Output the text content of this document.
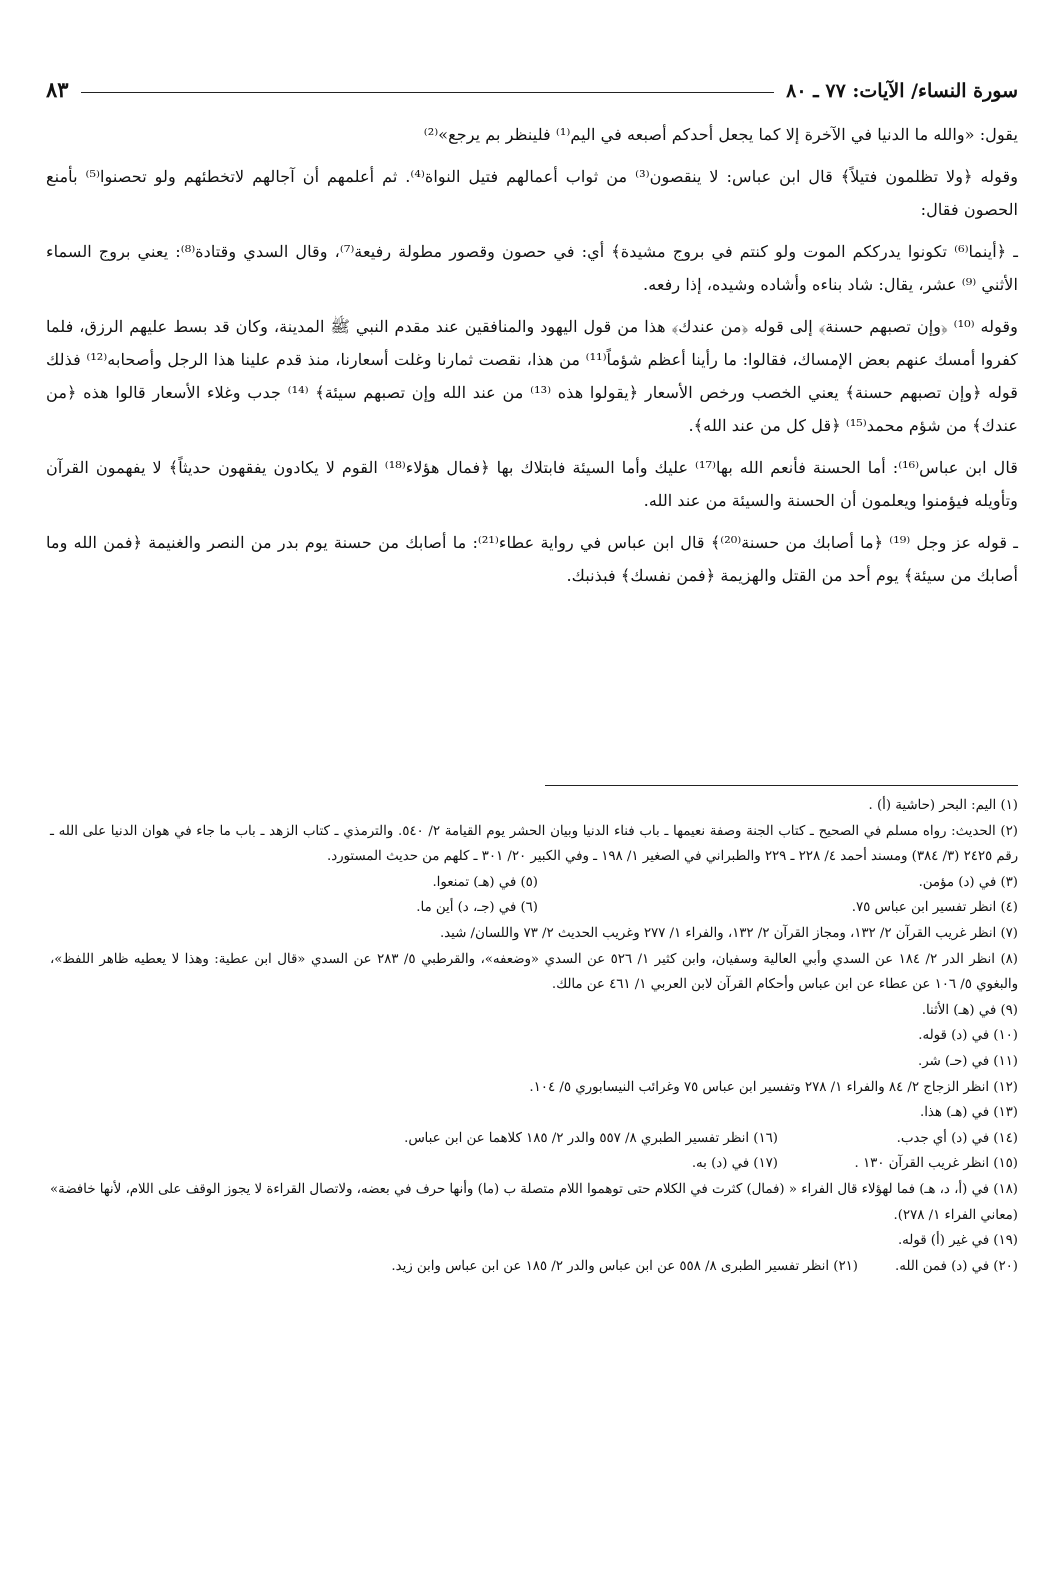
سورة النساء/ الآيات: ٧٧ ـ ٨٠
٨٣

يقول: «والله ما الدنيا في الآخرة إلا كما يجعل أحدكم أصبعه في اليم⁽¹⁾ فلينظر بم يرجع»⁽²⁾

وقوله ﴿ولا تظلمون فتيلاً﴾ قال ابن عباس: لا ينقصون⁽³⁾ من ثواب أعمالهم فتيل النواة⁽⁴⁾. ثم أعلمهم أن آجالهم لاتخطئهم ولو تحصنوا⁽⁵⁾ بأمنع الحصون فقال:

ـ ﴿أينما⁽⁶⁾ تكونوا يدرككم الموت ولو كنتم في بروج مشيدة﴾ أي: في حصون وقصور مطولة رفيعة⁽⁷⁾، وقال السدي وقتادة⁽⁸⁾: يعني بروج السماء الأثني ⁽⁹⁾ عشر، يقال: شاد بناءه وأشاده وشيده، إذا رفعه.

وقوله ⁽¹⁰⁾ ﴿وإن تصبهم حسنة﴾ إلى قوله ﴿من عندك﴾ هذا من قول اليهود والمنافقين عند مقدم النبي ﷺ المدينة، وكان قد بسط عليهم الرزق، فلما كفروا أمسك عنهم بعض الإمساك، فقالوا: ما رأينا أعظم شؤماً⁽¹¹⁾ من هذا، نقصت ثمارنا وغلت أسعارنا، منذ قدم علينا هذا الرجل وأصحابه⁽¹²⁾ فذلك قوله ﴿وإن تصبهم حسنة﴾ يعني الخصب ورخص الأسعار ﴿يقولوا هذه ⁽¹³⁾ من عند الله وإن تصبهم سيئة﴾ ⁽¹⁴⁾ جدب وغلاء الأسعار قالوا هذه ﴿من عندك﴾ من شؤم محمد⁽¹⁵⁾ ﴿قل كل من عند الله﴾.

قال ابن عباس⁽¹⁶⁾: أما الحسنة فأنعم الله بها⁽¹⁷⁾ عليك وأما السيئة فابتلاك بها ﴿فمال هؤلاء⁽¹⁸⁾ القوم لا يكادون يفقهون حديثاً﴾ لا يفهمون القرآن وتأويله فيؤمنوا ويعلمون أن الحسنة والسيئة من عند الله.

ـ قوله عز وجل ⁽¹⁹⁾ ﴿ما أصابك من حسنة⁽²⁰⁾﴾ قال ابن عباس في رواية عطاء⁽²¹⁾: ما أصابك من حسنة يوم بدر من النصر والغنيمة ﴿فمن الله وما أصابك من سيئة﴾ يوم أحد من القتل والهزيمة ﴿فمن نفسك﴾ فبذنبك.

(١) اليم: البحر (حاشية (أ) .

(٢) الحديث: رواه مسلم في الصحيح ـ كتاب الجنة وصفة نعيمها ـ باب فناء الدنيا وبيان الحشر يوم القيامة ٢/ ٥٤٠. والترمذي ـ كتاب الزهد ـ باب ما جاء في هوان الدنيا على الله ـ رقم ٢٤٢٥ (٣/ ٣٨٤) ومسند أحمد ٤/ ٢٢٨ ـ ٢٢٩ والطبراني في الصغير ١/ ١٩٨ ـ وفي الكبير ٢٠/ ٣٠١ ـ كلهم من حديث المستورد.

(٣) في (د) مؤمن.
(٥) في (هـ) تمنعوا.
(٤) انظر تفسير ابن عباس ٧٥.
(٦) في (جـ، د) أين ما.

(٧) انظر غريب القرآن ٢/ ١٣٢، ومجاز القرآن ٢/ ١٣٢، والفراء ١/ ٢٧٧ وغريب الحديث ٢/ ٧٣ واللسان/ شيد.

(٨) انظر الدر ٢/ ١٨٤ عن السدي وأبي العالية وسفيان، وابن كثير ١/ ٥٢٦ عن السدي «وضعفه»، والقرطبي ٥/ ٢٨٣ عن السدي «قال ابن عطية: وهذا لا يعطيه ظاهر اللفظ»، والبغوي ٥/ ١٠٦ عن عطاء عن ابن عباس وأحكام القرآن لابن العربي ١/ ٤٦١ عن مالك.

(٩) في (هـ) الأثنا.

(١٠) في (د) قوله.

(١١) في (حـ) شر.

(١٢) انظر الزجاج ٢/ ٨٤ والفراء ١/ ٢٧٨ وتفسير ابن عباس ٧٥ وغرائب النيسابوري ٥/ ١٠٤.

(١٣) في (هـ) هذا.

(١٤) في (د) أي جدب.
(١٦) انظر تفسير الطبري ٨/ ٥٥٧ والدر ٢/ ١٨٥ كلاهما عن ابن عباس.
(١٥) انظر غريب القرآن ١٣٠ .
(١٧) في (د) به.

(١٨) في (أ، د، هـ) فما لهؤلاء قال الفراء « (فمال) كثرت في الكلام حتى توهموا اللام متصلة ب (ما) وأنها حرف في بعضه، ولاتصال القراءة لا يجوز الوقف على اللام، لأنها خافضة» (معاني الفراء ١/ ٢٧٨).

(١٩) في غير (أ) قوله.

(٢٠) في (د) فمن الله.
(٢١) انظر تفسير الطبرى ٨/ ٥٥٨ عن ابن عباس والدر ٢/ ١٨٥ عن ابن عباس وابن زيد.
